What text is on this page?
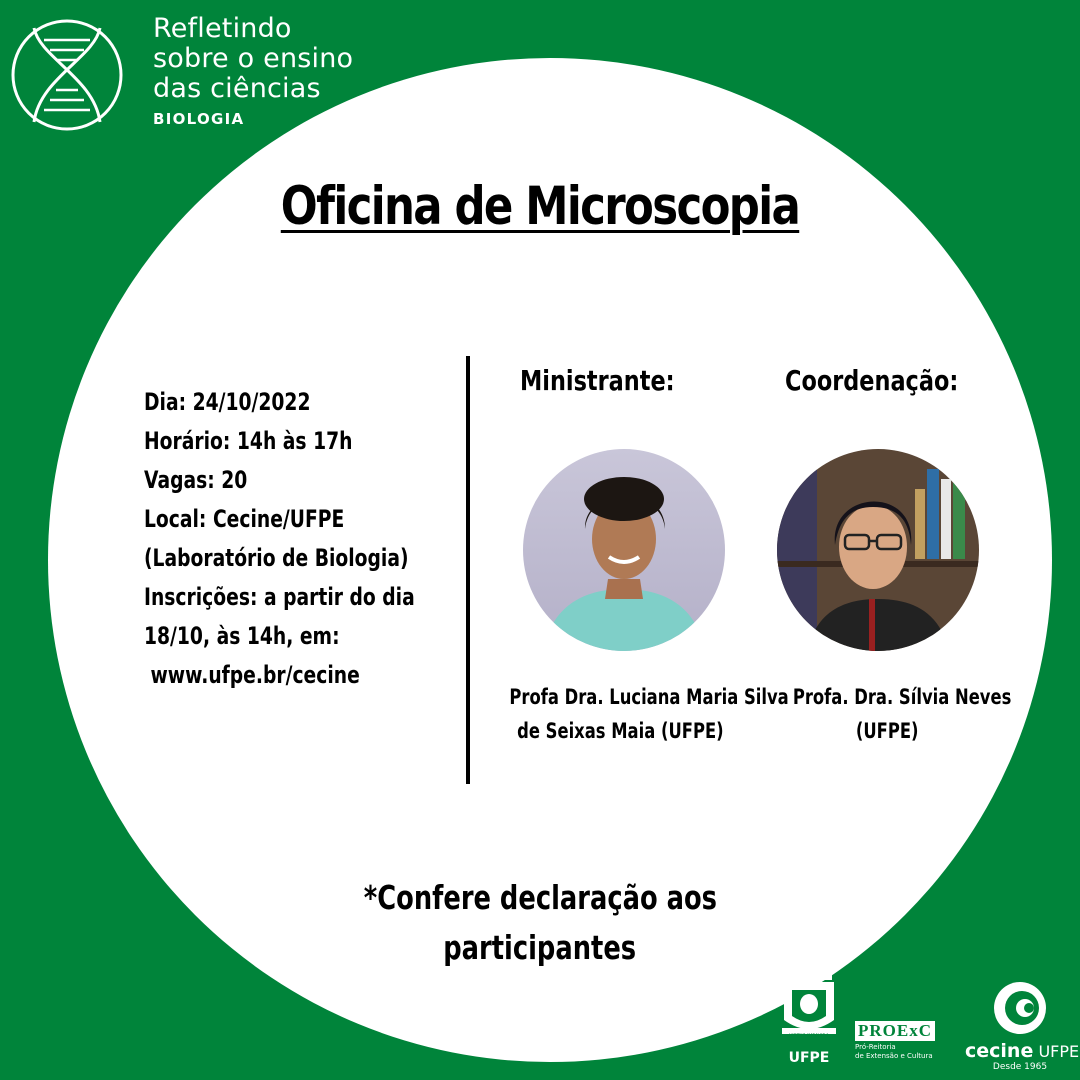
Refletindo
sobre o ensino
das ciências
BIOLOGIA
Oficina de Microscopia
Dia: 24/10/2022
Horário: 14h às 17h
Vagas: 20
Local: Cecine/UFPE
(Laboratório de Biologia)
Inscrições: a partir do dia
18/10, às 14h, em:
www.ufpe.br/cecine
Ministrante:	Coordenação:
Profa Dra. Luciana Maria Silva
de Seixas Maia (UFPE)
Profa. Dra. Sílvia Neves
(UFPE)
*Confere declaração aos
participantes
VIRTUS IMPAVIDA
UFPE
PROExC
Pró-Reitoria
de Extensão e Cultura cecine UFPE
Desde 1965
